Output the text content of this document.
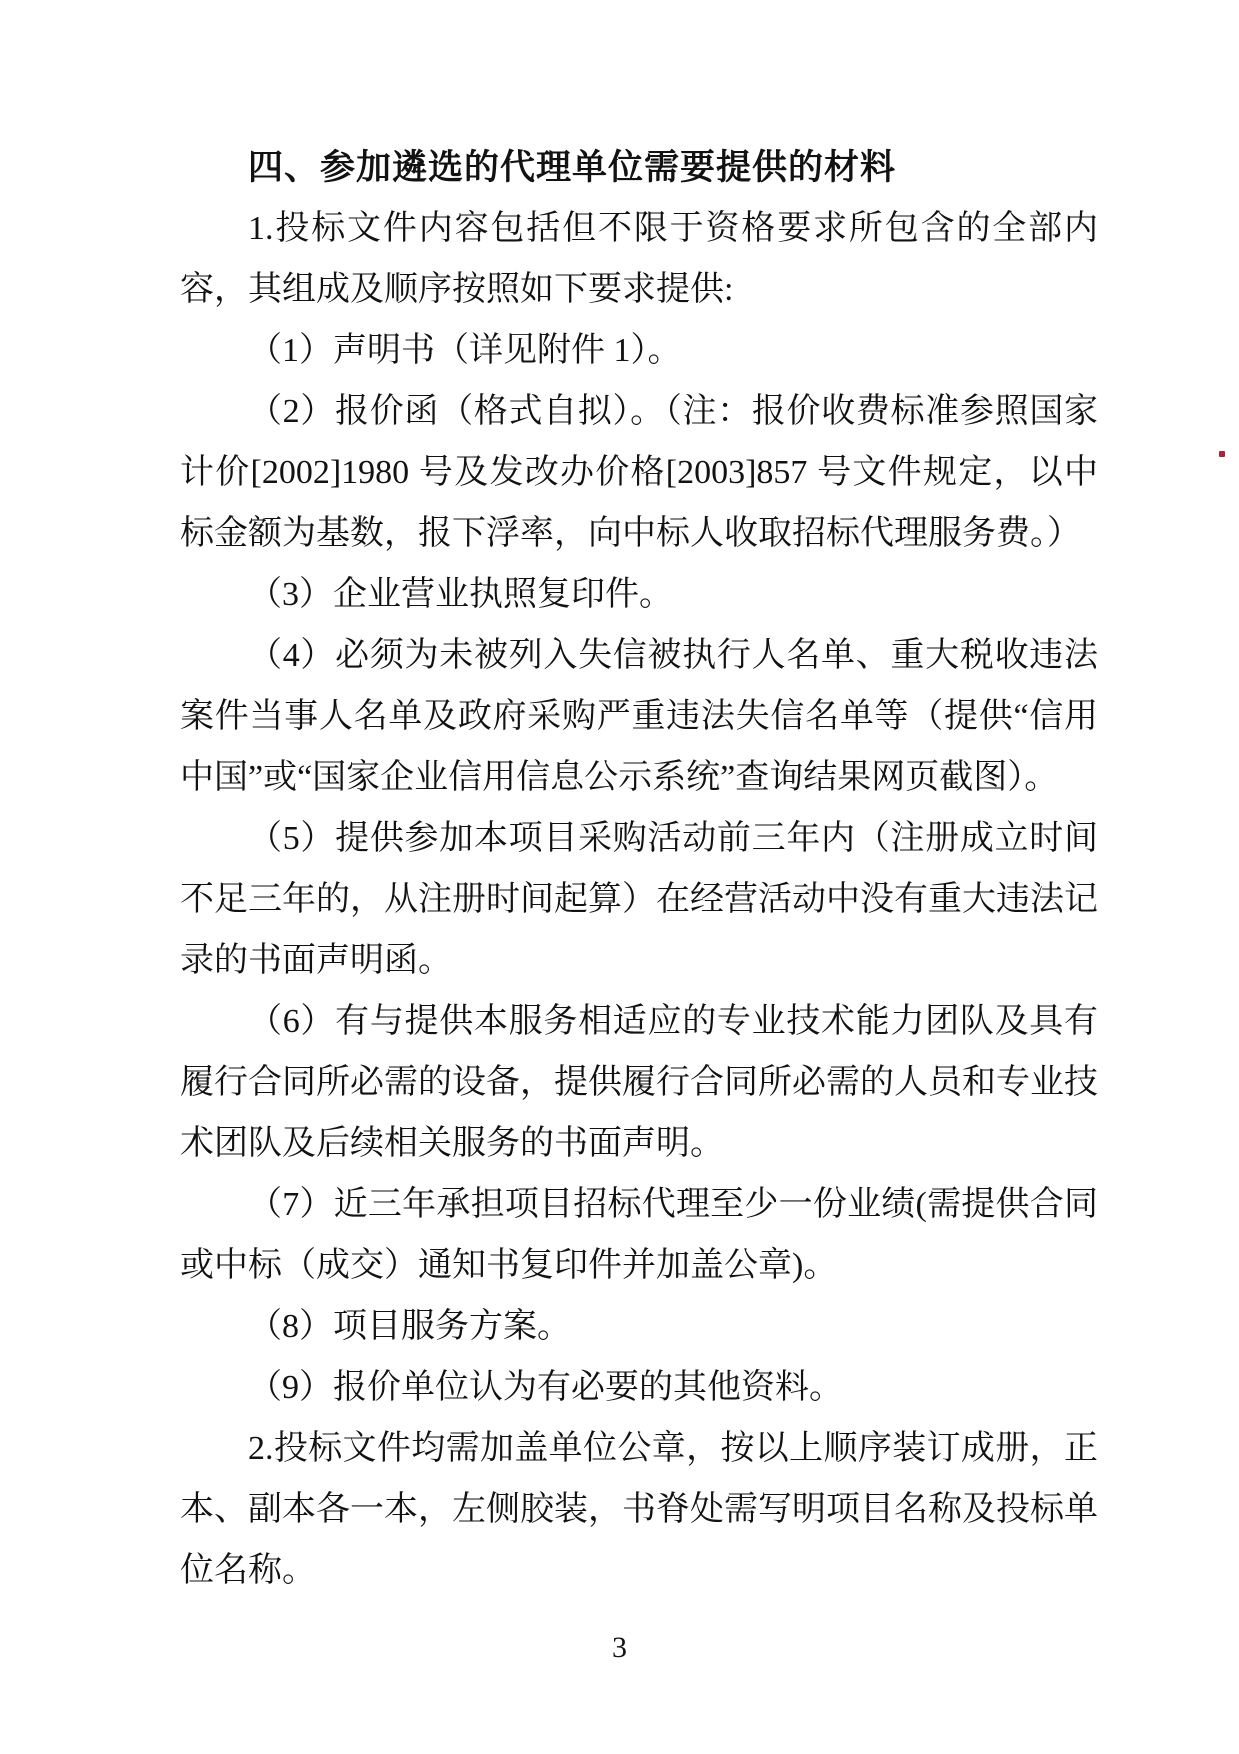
四、参加遴选的代理单位需要提供的材料

1.投标文件内容包括但不限于资格要求所包含的全部内容，其组成及顺序按照如下要求提供:

（1）声明书（详见附件 1）。

（2）报价函（格式自拟）。（注：报价收费标准参照国家计价[2002]1980 号及发改办价格[2003]857 号文件规定，以中标金额为基数，报下浮率，向中标人收取招标代理服务费。）

（3）企业营业执照复印件。

（4）必须为未被列入失信被执行人名单、重大税收违法案件当事人名单及政府采购严重违法失信名单等（提供“信用中国”或“国家企业信用信息公示系统”查询结果网页截图）。

（5）提供参加本项目采购活动前三年内（注册成立时间不足三年的，从注册时间起算）在经营活动中没有重大违法记录的书面声明函。

（6）有与提供本服务相适应的专业技术能力团队及具有履行合同所必需的设备，提供履行合同所必需的人员和专业技术团队及后续相关服务的书面声明。

（7）近三年承担项目招标代理至少一份业绩(需提供合同或中标（成交）通知书复印件并加盖公章)。

（8）项目服务方案。

（9）报价单位认为有必要的其他资料。

2.投标文件均需加盖单位公章，按以上顺序装订成册，正本、副本各一本，左侧胶装，书脊处需写明项目名称及投标单位名称。

3
